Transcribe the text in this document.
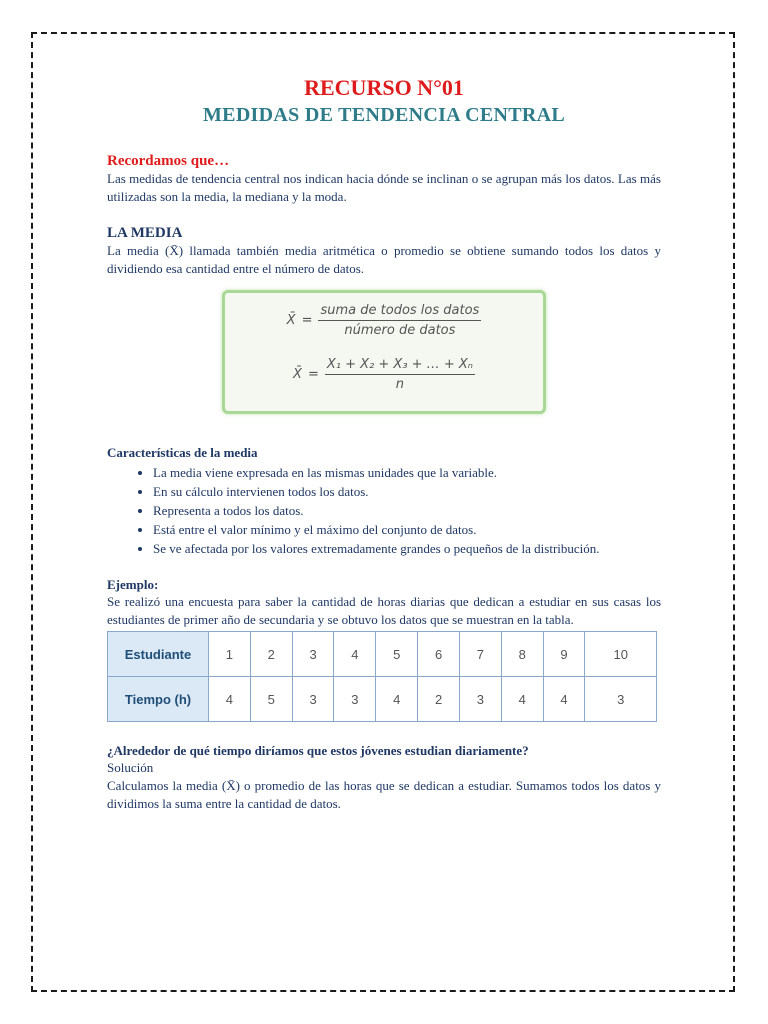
RECURSO N°01
MEDIDAS DE TENDENCIA CENTRAL
Recordamos que…

Las medidas de tendencia central nos indican hacia dónde se inclinan o se agrupan más los datos. Las más utilizadas son la media, la mediana y la moda.

LA MEDIA

La media (X̄) llamada también media aritmética o promedio se obtiene sumando todos los datos y dividiendo esa cantidad entre el número de datos.

X̄ = $\frac{\text{suma de todos los datos}}{\text{número de datos}}$
X̄ = $\frac{\text{X₁ + X₂ + X₃ + … + Xₙ}}{n}$
Características de la media
• La media viene expresada en las mismas unidades que la variable.
• En su cálculo intervienen todos los datos.
• Representa a todos los datos.
• Está entre el valor mínimo y el máximo del conjunto de datos.
• Se ve afectada por los valores extremadamente grandes o pequeños de la distribución.
Ejemplo:

Se realizó una encuesta para saber la cantidad de horas diarias que dedican a estudiar en sus casas los estudiantes de primer año de secundaria y se obtuvo los datos que se muestran en la tabla.

Estudiante	1	2	3	4	5	6	7	8	9	10
Tiempo (h)	4	5	3	3	4	2	3	4	4	3
¿Alrededor de qué tiempo diríamos que estos jóvenes estudian diariamente?

Solución

Calculamos la media (X̄) o promedio de las horas que se dedican a estudiar. Sumamos todos los datos y dividimos la suma entre la cantidad de datos.
